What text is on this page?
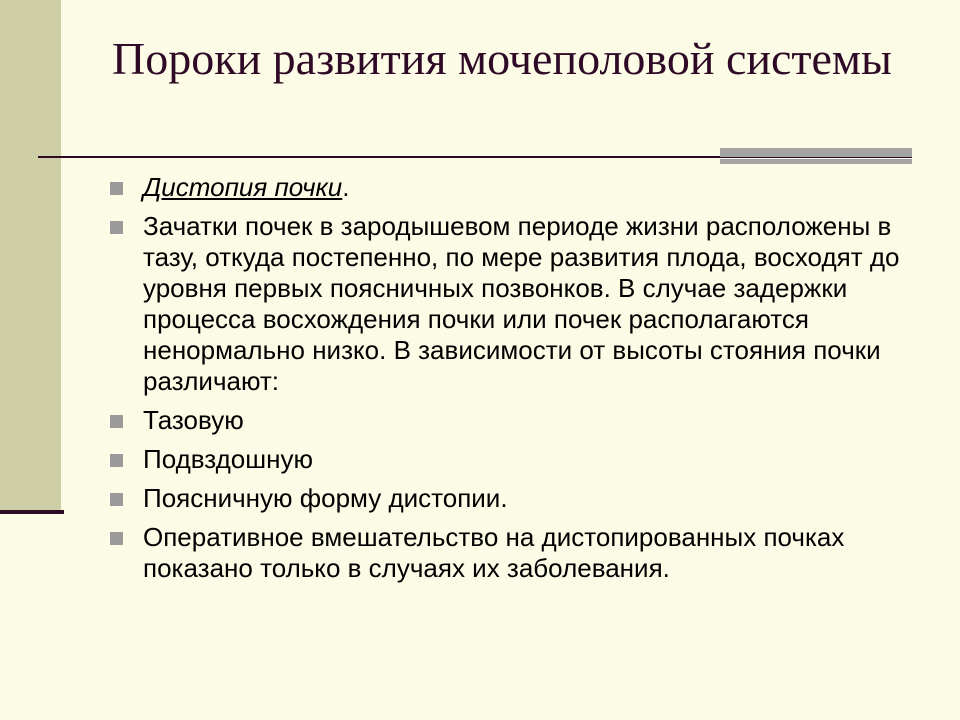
Пороки развития мочеполовой системы
Дистопия почки.
Зачатки почек в зародышевом периоде жизни расположены в тазу, откуда постепенно, по мере развития плода, восходят до уровня первых поясничных позвонков. В случае задержки процесса восхождения почки или почек располагаются ненормально низко. В зависимости от высоты стояния почки различают:
Тазовую
Подвздошную
Поясничную форму дистопии.
Оперативное вмешательство на дистопированных почках показано только в случаях их заболевания.
